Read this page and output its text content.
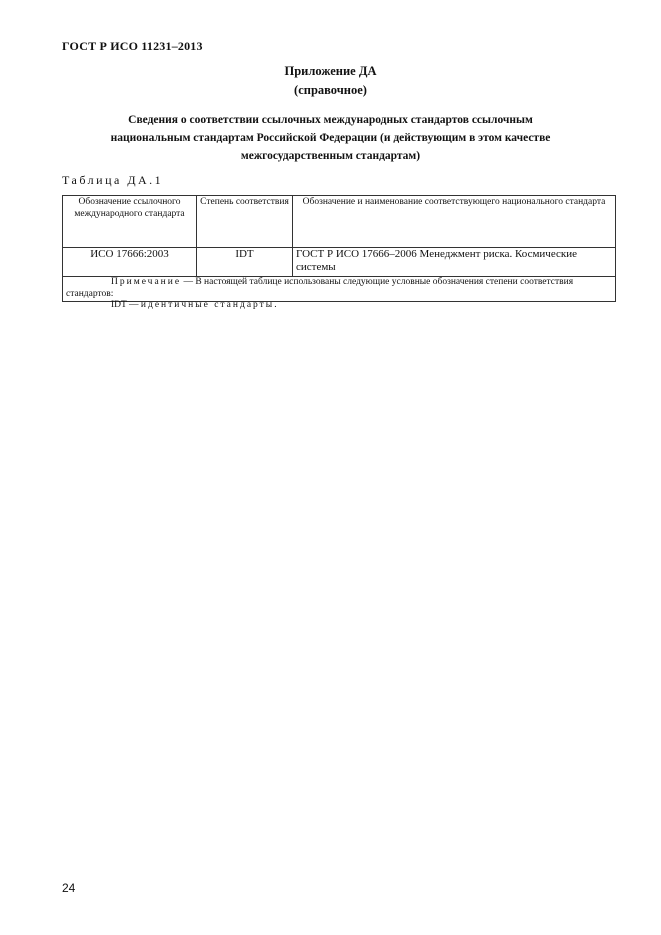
ГОСТ Р ИСО 11231–2013
Приложение ДА
(справочное)
Сведения о соответствии ссылочных международных стандартов ссылочным
национальным стандартам Российской Федерации (и действующим в этом качестве
межгосударственным стандартам)
Таблица ДА.1
Обозначение ссылочного международного стандарта	Степень соответствия	Обозначение и наименование соответствующего национального стандарта
ИСО 17666:2003	IDT	ГОСТ Р ИСО 17666–2006 Менеджмент риска. Космические системы

Примечание — В настоящей таблице использованы следующие условные обозначения степени соответствия стандартов:
IDT — идентичные стандарты.		
24
